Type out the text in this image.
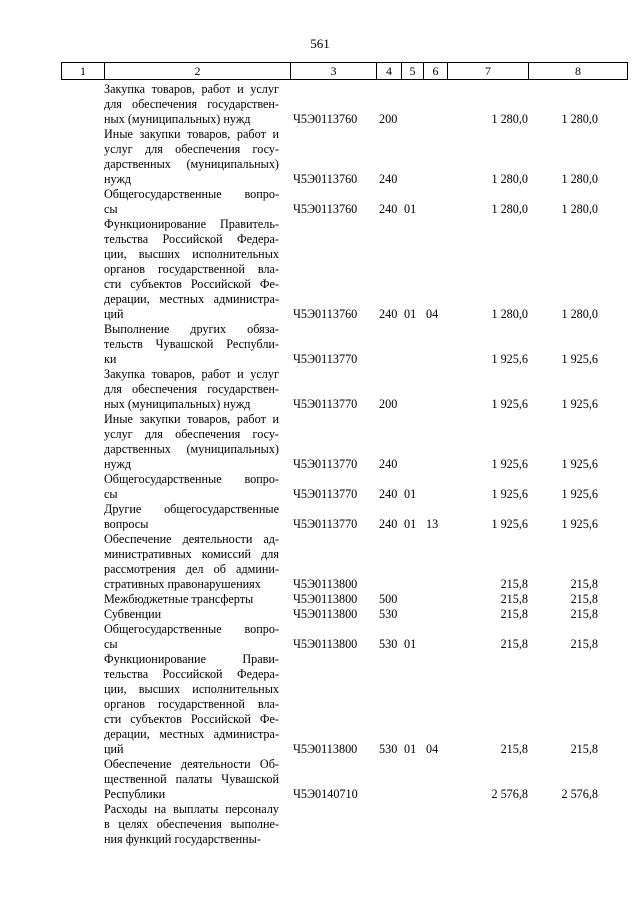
561
1	2	3	4	5	6	7	8
Закупка товаров, работ и услуг
для обеспечения государствен-
ных (муниципальных) нужд	Ч5Э0113760 200	1 280,0	1 280,0
Иные закупки товаров, работ и
услуг для обеспечения госу-
дарственных (муниципальных)
нужд	Ч5Э0113760 240	1 280,0	1 280,0
Общегосударственные вопро-
сы	Ч5Э0113760 240 01	1 280,0	1 280,0
Функционирование Правитель-
тельства Российской Федера-
ции, высших исполнительных
органов государственной вла-
сти субъектов Российской Фе-
дерации, местных администра-
ций	Ч5Э0113760 240 01 04	1 280,0	1 280,0
Выполнение других обяза-
тельств Чувашской Республи-
ки	Ч5Э0113770	1 925,6	1 925,6
Закупка товаров, работ и услуг
для обеспечения государствен-
ных (муниципальных) нужд	Ч5Э0113770 200	1 925,6	1 925,6
Иные закупки товаров, работ и
услуг для обеспечения госу-
дарственных (муниципальных)
нужд	Ч5Э0113770 240	1 925,6	1 925,6
Общегосударственные вопро-
сы	Ч5Э0113770 240 01	1 925,6	1 925,6
Другие общегосударственные
вопросы	Ч5Э0113770 240 01 13	1 925,6	1 925,6
Обеспечение деятельности ад-
министративных комиссий для
рассмотрения дел об админи-
стративных правонарушениях	Ч5Э0113800	215,8	215,8
Межбюджетные трансферты	Ч5Э0113800 500	215,8	215,8
Субвенции	Ч5Э0113800 530	215,8	215,8
Общегосударственные вопро-
сы	Ч5Э0113800 530 01	215,8	215,8
Функционирование Прави-
тельства Российской Федера-
ции, высших исполнительных
органов государственной вла-
сти субъектов Российской Фе-
дерации, местных администра-
ций	Ч5Э0113800 530 01 04	215,8	215,8
Обеспечение деятельности Об-
щественной палаты Чувашской
Республики	Ч5Э0140710	2 576,8	2 576,8
Расходы на выплаты персоналу
в целях обеспечения выполне-
ния функций государственны-
